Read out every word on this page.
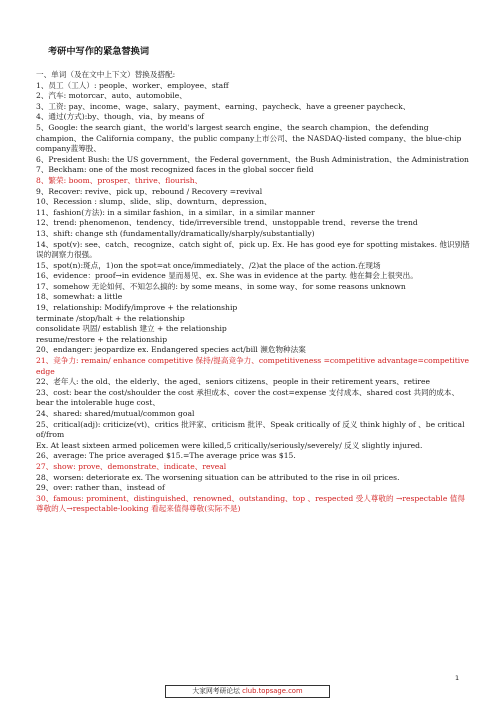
考研中写作的紧急替换词

一、单词（及在文中上下文）替换及搭配:

1、员工（工人）: people、worker、employee、staff

2、汽车: motorcar、auto、automobile、

3、工资: pay、income、wage、salary、payment、earning、paycheck、have a greener paycheck、

4、通过(方式):by、though、via、by means of

5、Google: the search giant、the world's largest search engine、the search champion、the defending champion、the California company、the public company上市公司、the NASDAQ-listed company、the blue-chip company蓝筹股、

6、President Bush: the US government、the Federal government、the Bush Administration、the Administration

7、Beckham: one of the most recognized faces in the global soccer field

8、繁荣: boom、prosper、thrive、flourish、

9、Recover: revive、pick up、rebound / Recovery =revival

10、Recession : slump、slide、slip、downturn、depression、

11、fashion(方法): in a similar fashion、in a similar、in a similar manner

12、trend: phenomenon、tendency、tide/irreversible trend、unstoppable trend、reverse the trend

13、shift: change sth (fundamentally/dramatically/sharply/substantially)

14、spot(v): see、catch、recognize、catch sight of、pick up. Ex. He has good eye for spotting mistakes. 他识别错误的洞察力很强。

15、spot(n):斑点，1)on the spot=at once/immediately、/2)at the place of the action.在现场

16、evidence：proof→in evidence 显而易见、ex. She was in evidence at the party. 他在舞会上很突出。

17、somehow 无论如何、不知怎么搞的: by some means、in some way、for some reasons unknown

18、somewhat: a little

19、relationship: Modify/improve + the relationship

terminate /stop/halt + the relationship

consolidate 巩固/ establish 建立 + the relationship

resume/restore + the relationship

20、endanger: jeopardize ex. Endangered species act/bill 濒危物种法案

21、竞争力: remain/ enhance competitive 保持/提高竞争力、competitiveness =competitive advantage=competitive edge

22、老年人: the old、the elderly、the aged、seniors citizens、people in their retirement years、retiree

23、cost: bear the cost/shoulder the cost 承担成本、cover the cost=expense 支付成本、shared cost 共同的成本、bear the intolerable huge cost、

24、shared: shared/mutual/common goal

25、critical(adj): criticize(vt)、critics 批评家、criticism 批评、Speak critically of 反义 think highly of 、be critical of/from

Ex. At least sixteen armed policemen were killed,5 critically/seriously/severely/ 反义 slightly injured.

26、average: The price averaged $15.=The average price was $15.

27、show: prove、demonstrate、indicate、reveal

28、worsen: deteriorate ex. The worsening situation can be attributed to the rise in oil prices.

29、over: rather than、instead of

30、famous: prominent、distinguished、renowned、outstanding、top 、respected 受人尊敬的 →respectable 值得尊敬的人→respectable-looking 看起来值得尊敬(实际不是)

1
大家网考研论坛 club.topsage.com
